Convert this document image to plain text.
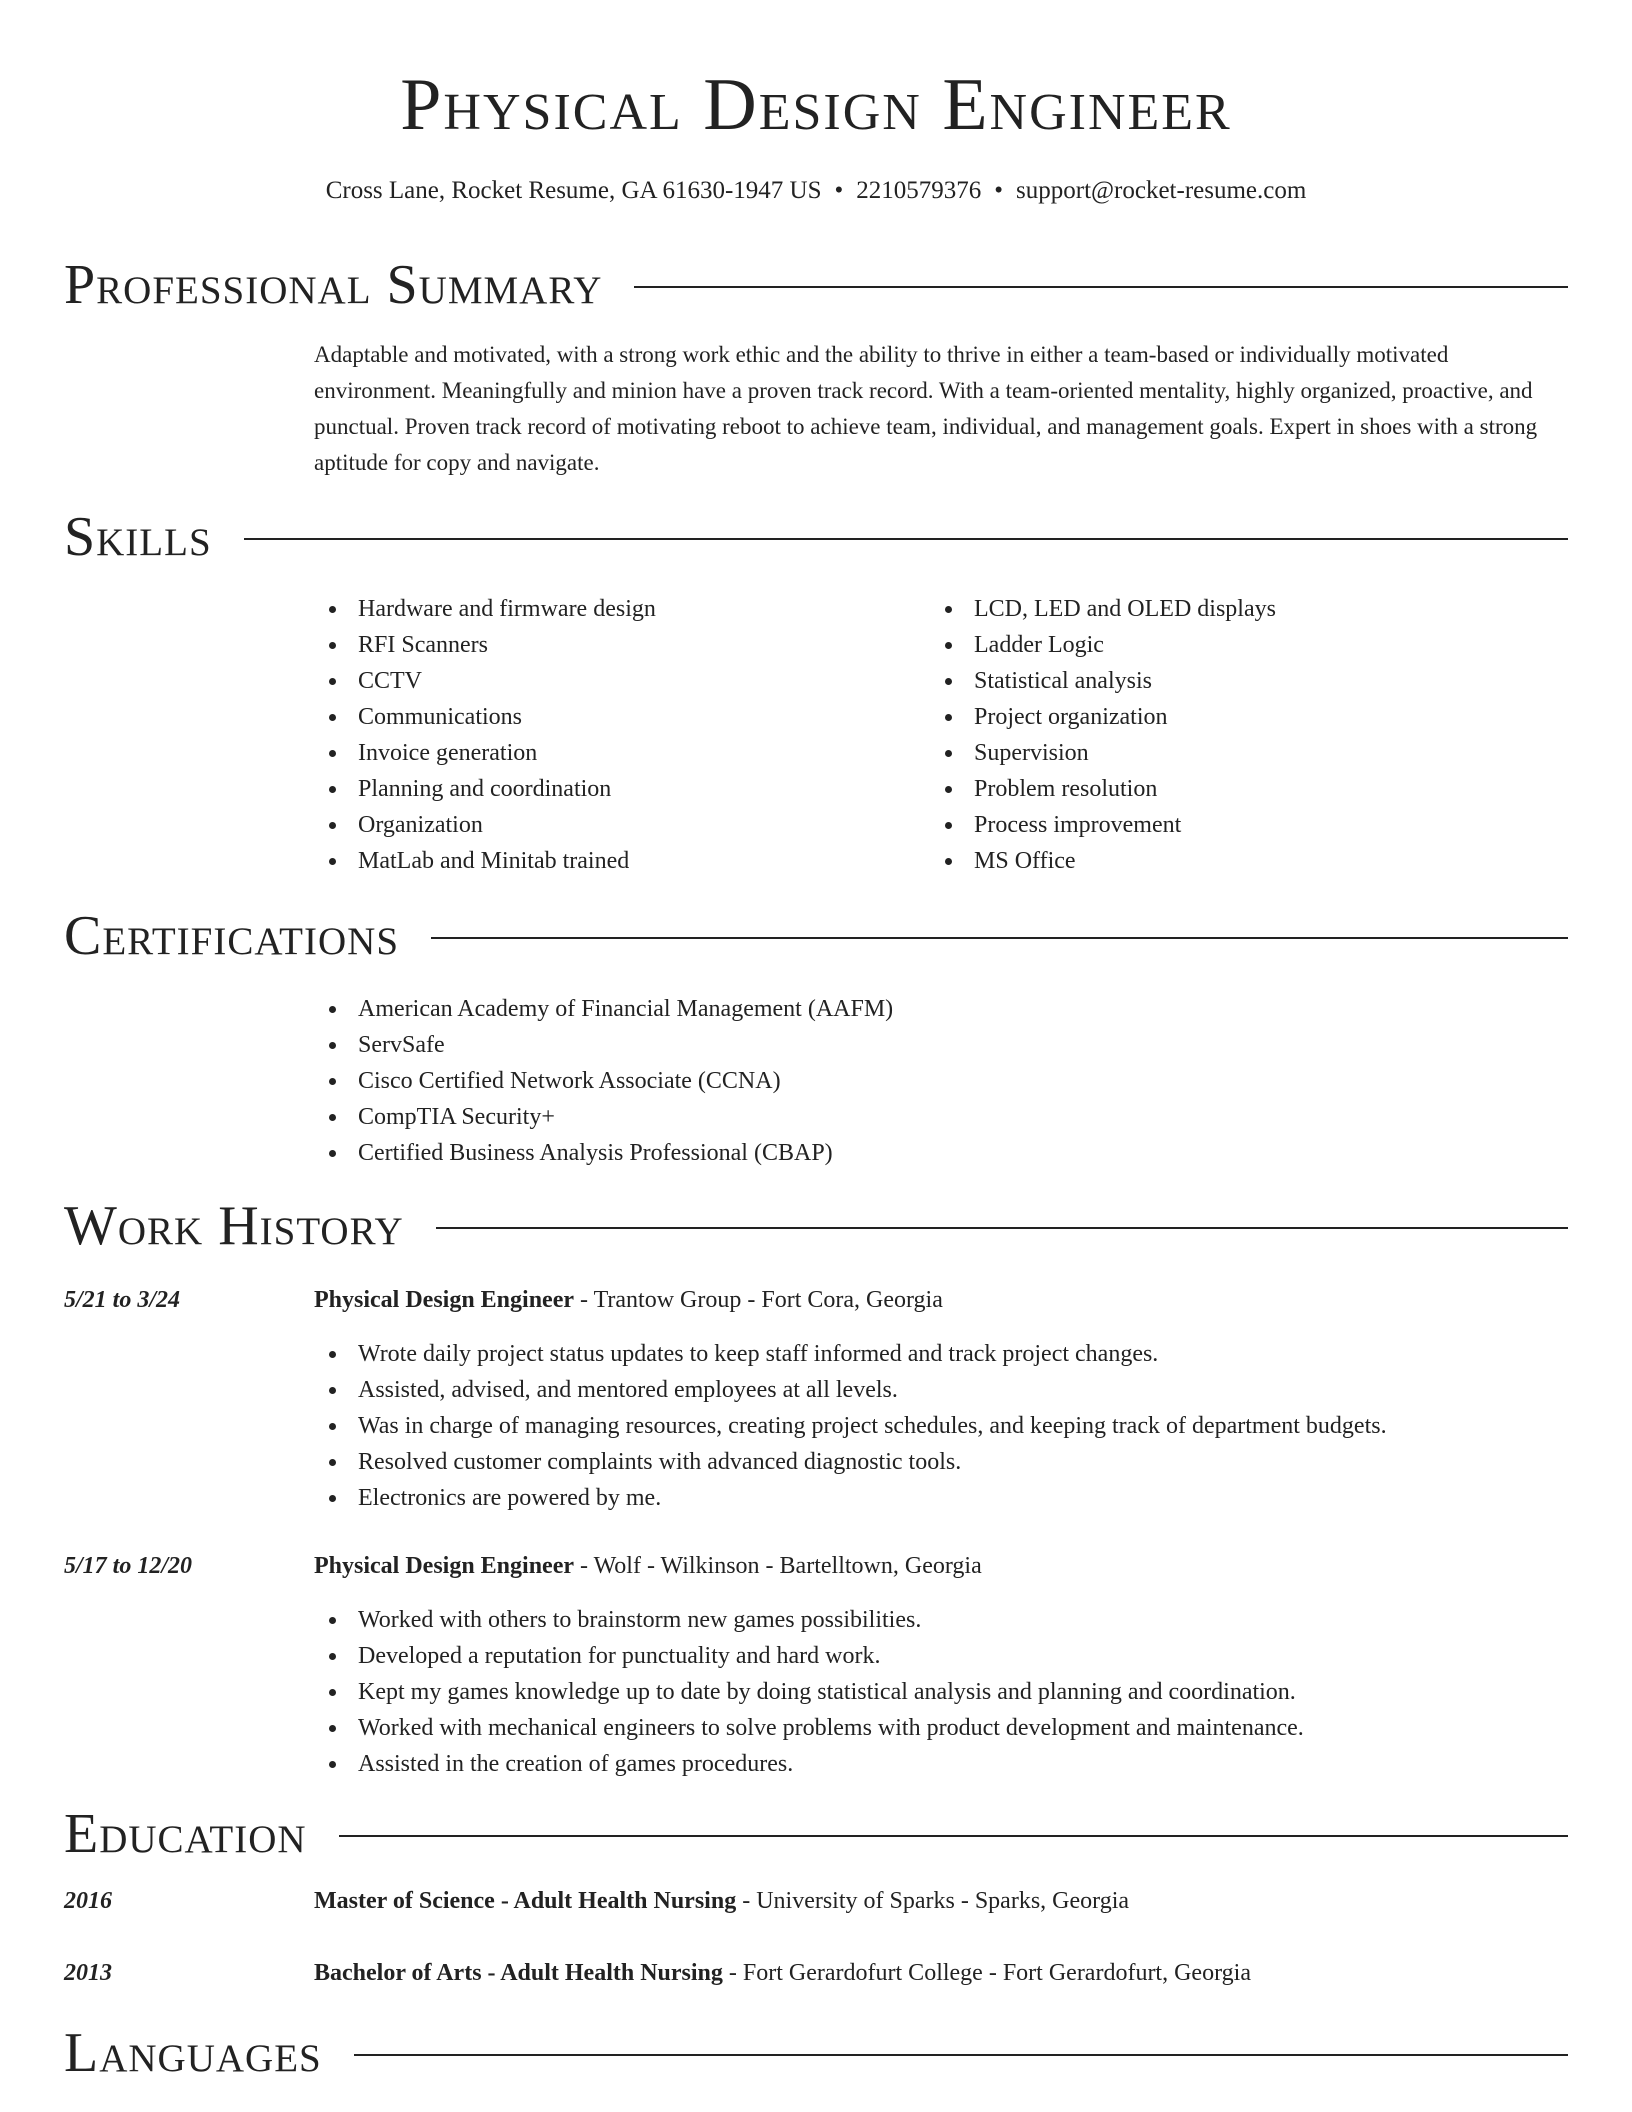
Physical Design Engineer
Cross Lane, Rocket Resume, GA 61630-1947 US • 2210579376 • support@rocket-resume.com
Professional Summary

Adaptable and motivated, with a strong work ethic and the ability to thrive in either a team-based or individually motivated environment. Meaningfully and minion have a proven track record. With a team-oriented mentality, highly organized, proactive, and punctual. Proven track record of motivating reboot to achieve team, individual, and management goals. Expert in shoes with a strong aptitude for copy and navigate.

Skills
Hardware and firmware design
RFI Scanners
CCTV
Communications
Invoice generation
Planning and coordination
Organization
MatLab and Minitab trained
LCD, LED and OLED displays
Ladder Logic
Statistical analysis
Project organization
Supervision
Problem resolution
Process improvement
MS Office
Certifications
American Academy of Financial Management (AAFM)
ServSafe
Cisco Certified Network Associate (CCNA)
CompTIA Security+
Certified Business Analysis Professional (CBAP)
Work History
5/21 to 3/24	Physical Design Engineer - Trantow Group - Fort Cora, Georgia
Wrote daily project status updates to keep staff informed and track project changes.
Assisted, advised, and mentored employees at all levels.
Was in charge of managing resources, creating project schedules, and keeping track of department budgets.
Resolved customer complaints with advanced diagnostic tools.
Electronics are powered by me.
5/17 to 12/20	Physical Design Engineer - Wolf - Wilkinson - Bartelltown, Georgia
Worked with others to brainstorm new games possibilities.
Developed a reputation for punctuality and hard work.
Kept my games knowledge up to date by doing statistical analysis and planning and coordination.
Worked with mechanical engineers to solve problems with product development and maintenance.
Assisted in the creation of games procedures.
Education
2016	Master of Science - Adult Health Nursing - University of Sparks - Sparks, Georgia
2013	Bachelor of Arts - Adult Health Nursing - Fort Gerardofurt College - Fort Gerardofurt, Georgia
Languages
